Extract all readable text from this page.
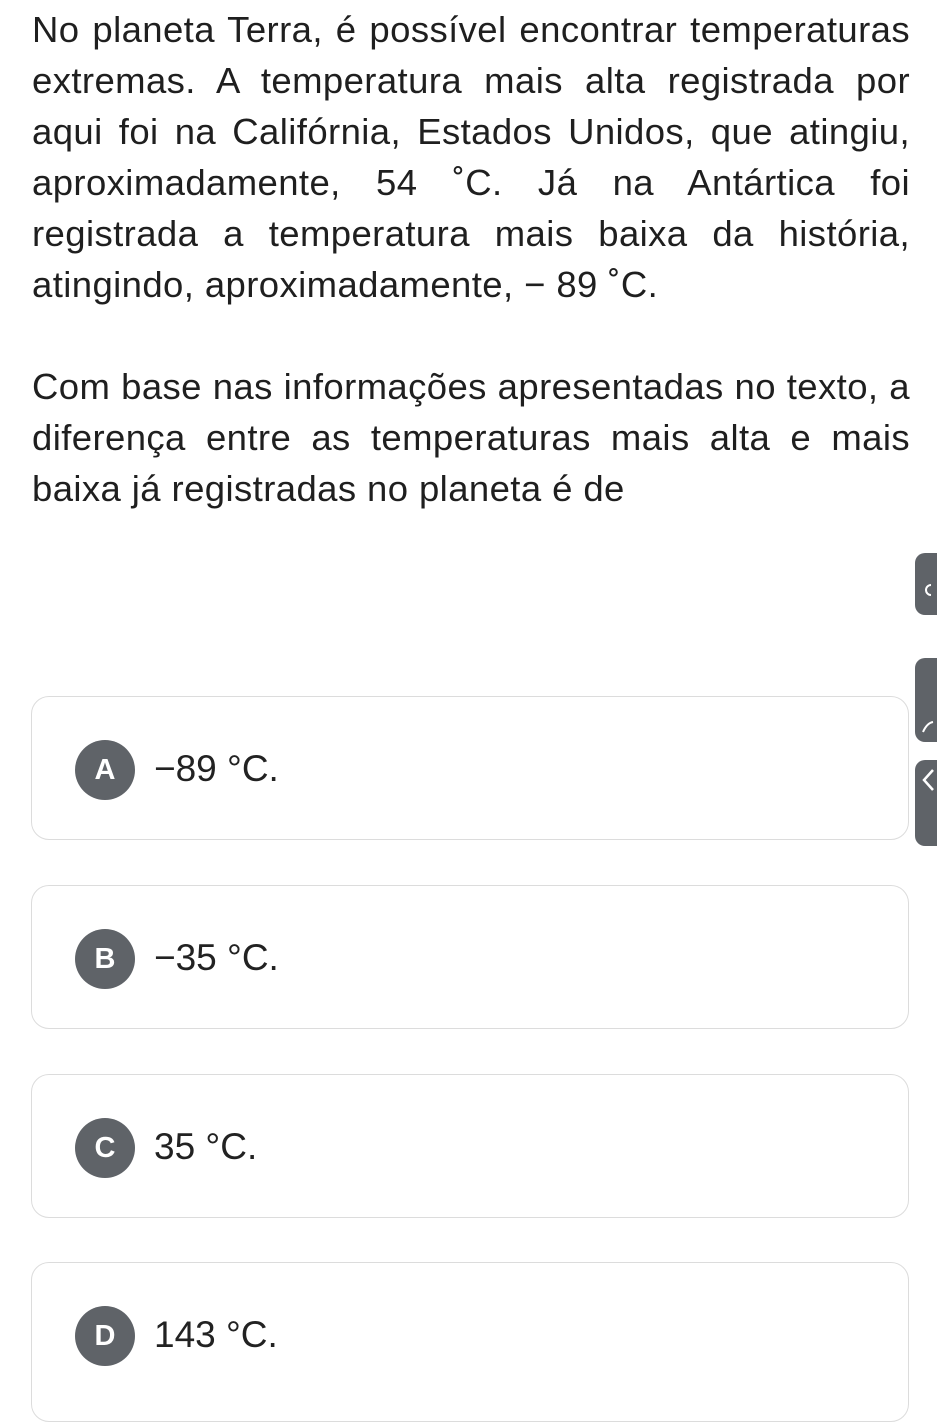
No planeta Terra, é possível encontrar temperaturas extremas. A temperatura mais alta registrada por aqui foi na Califórnia, Estados Unidos, que atingiu, aproximadamente, 54 ˚C. Já na Antártica foi registrada a temperatura mais baixa da história, atingindo, aproximadamente, − 89 ˚C.

Com base nas informações apresentadas no texto, a diferença entre as temperaturas mais alta e mais baixa já registradas no planeta é de

A	−89 °C.
B	−35 °C.
C	35 °C.
D	143 °C.
